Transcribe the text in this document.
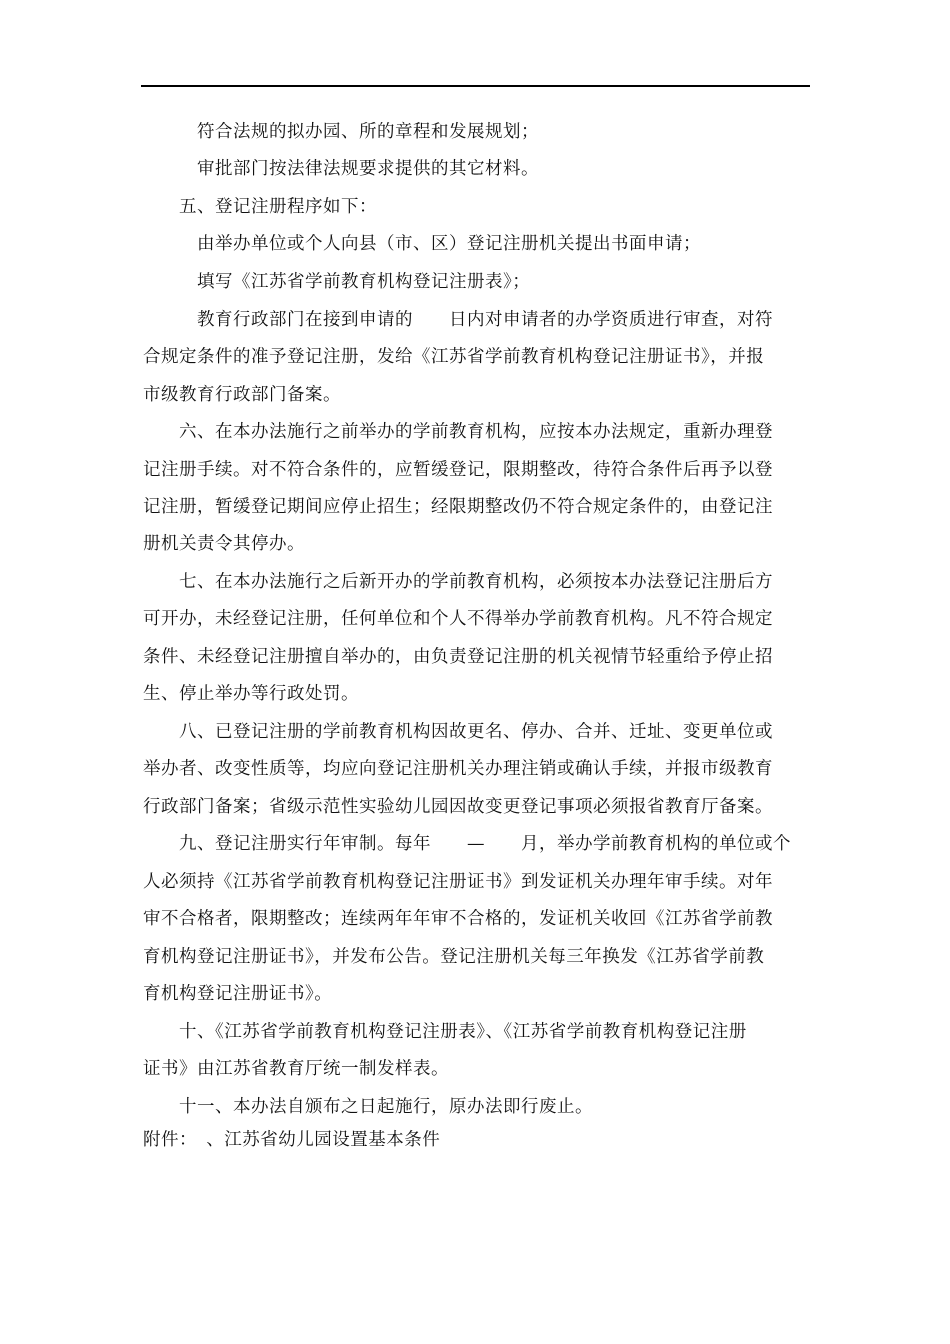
　　　符合法规的拟办园、所的章程和发展规划；
　　　审批部门按法律法规要求提供的其它材料。
　　五、登记注册程序如下：
　　　由举办单位或个人向县（市、区）登记注册机关提出书面申请；
　　　填写《江苏省学前教育机构登记注册表》；
　　　教育行政部门在接到申请的　　日内对申请者的办学资质进行审查，对符
合规定条件的准予登记注册，发给《江苏省学前教育机构登记注册证书》，并报
市级教育行政部门备案。
　　六、在本办法施行之前举办的学前教育机构，应按本办法规定，重新办理登
记注册手续。对不符合条件的，应暂缓登记，限期整改，待符合条件后再予以登
记注册，暂缓登记期间应停止招生；经限期整改仍不符合规定条件的，由登记注
册机关责令其停办。
　　七、在本办法施行之后新开办的学前教育机构，必须按本办法登记注册后方
可开办，未经登记注册，任何单位和个人不得举办学前教育机构。凡不符合规定
条件、未经登记注册擅自举办的，由负责登记注册的机关视情节轻重给予停止招
生、停止举办等行政处罚。
　　八、已登记注册的学前教育机构因故更名、停办、合并、迁址、变更单位或
举办者、改变性质等，均应向登记注册机关办理注销或确认手续，并报市级教育
行政部门备案；省级示范性实验幼儿园因故变更登记事项必须报省教育厅备案。
　　九、登记注册实行年审制。每年　　—　　月，举办学前教育机构的单位或个
人必须持《江苏省学前教育机构登记注册证书》到发证机关办理年审手续。对年
审不合格者，限期整改；连续两年年审不合格的，发证机关收回《江苏省学前教
育机构登记注册证书》，并发布公告。登记注册机关每三年换发《江苏省学前教
育机构登记注册证书》。
　　十、《江苏省学前教育机构登记注册表》、《江苏省学前教育机构登记注册
证书》由江苏省教育厅统一制发样表。
　　十一、本办法自颁布之日起施行，原办法即行废止。
附件：　、江苏省幼儿园设置基本条件
